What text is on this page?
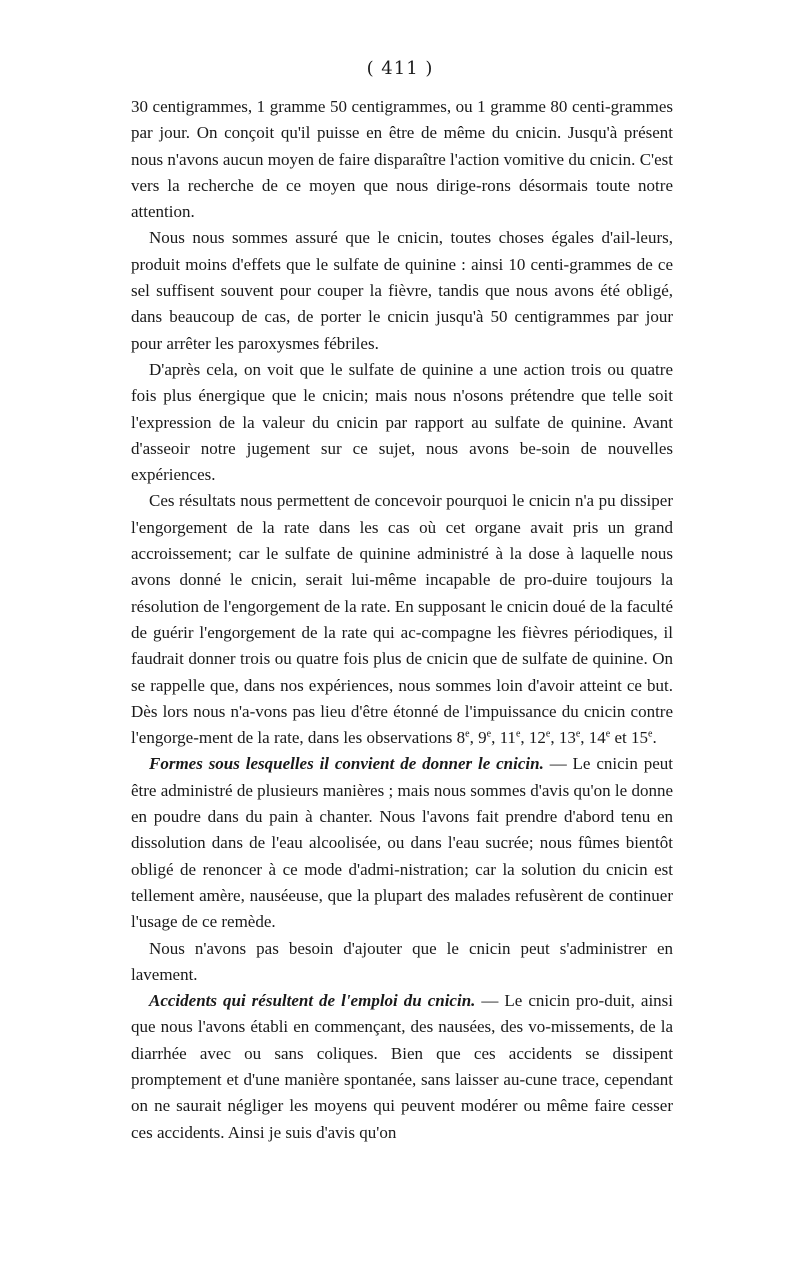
( 411 )

30 centigrammes, 1 gramme 50 centigrammes, ou 1 gramme 80 centi-grammes par jour. On conçoit qu'il puisse en être de même du cnicin. Jusqu'à présent nous n'avons aucun moyen de faire disparaître l'action vomitive du cnicin. C'est vers la recherche de ce moyen que nous dirige-rons désormais toute notre attention.

Nous nous sommes assuré que le cnicin, toutes choses égales d'ail-leurs, produit moins d'effets que le sulfate de quinine : ainsi 10 centi-grammes de ce sel suffisent souvent pour couper la fièvre, tandis que nous avons été obligé, dans beaucoup de cas, de porter le cnicin jusqu'à 50 centigrammes par jour pour arrêter les paroxysmes fébriles.

D'après cela, on voit que le sulfate de quinine a une action trois ou quatre fois plus énergique que le cnicin; mais nous n'osons prétendre que telle soit l'expression de la valeur du cnicin par rapport au sulfate de quinine. Avant d'asseoir notre jugement sur ce sujet, nous avons be-soin de nouvelles expériences.

Ces résultats nous permettent de concevoir pourquoi le cnicin n'a pu dissiper l'engorgement de la rate dans les cas où cet organe avait pris un grand accroissement; car le sulfate de quinine administré à la dose à laquelle nous avons donné le cnicin, serait lui-même incapable de pro-duire toujours la résolution de l'engorgement de la rate. En supposant le cnicin doué de la faculté de guérir l'engorgement de la rate qui ac-compagne les fièvres périodiques, il faudrait donner trois ou quatre fois plus de cnicin que de sulfate de quinine. On se rappelle que, dans nos expériences, nous sommes loin d'avoir atteint ce but. Dès lors nous n'a-vons pas lieu d'être étonné de l'impuissance du cnicin contre l'engorge-ment de la rate, dans les observations 8e, 9e, 11e, 12e, 13e, 14e et 15e.

Formes sous lesquelles il convient de donner le cnicin. — Le cnicin peut être administré de plusieurs manières ; mais nous sommes d'avis qu'on le donne en poudre dans du pain à chanter. Nous l'avons fait prendre d'abord tenu en dissolution dans de l'eau alcoolisée, ou dans l'eau sucrée; nous fûmes bientôt obligé de renoncer à ce mode d'admi-nistration; car la solution du cnicin est tellement amère, nauséeuse, que la plupart des malades refusèrent de continuer l'usage de ce remède.

Nous n'avons pas besoin d'ajouter que le cnicin peut s'administrer en lavement.

Accidents qui résultent de l'emploi du cnicin. — Le cnicin pro-duit, ainsi que nous l'avons établi en commençant, des nausées, des vo-missements, de la diarrhée avec ou sans coliques. Bien que ces accidents se dissipent promptement et d'une manière spontanée, sans laisser au-cune trace, cependant on ne saurait négliger les moyens qui peuvent modérer ou même faire cesser ces accidents. Ainsi je suis d'avis qu'on
